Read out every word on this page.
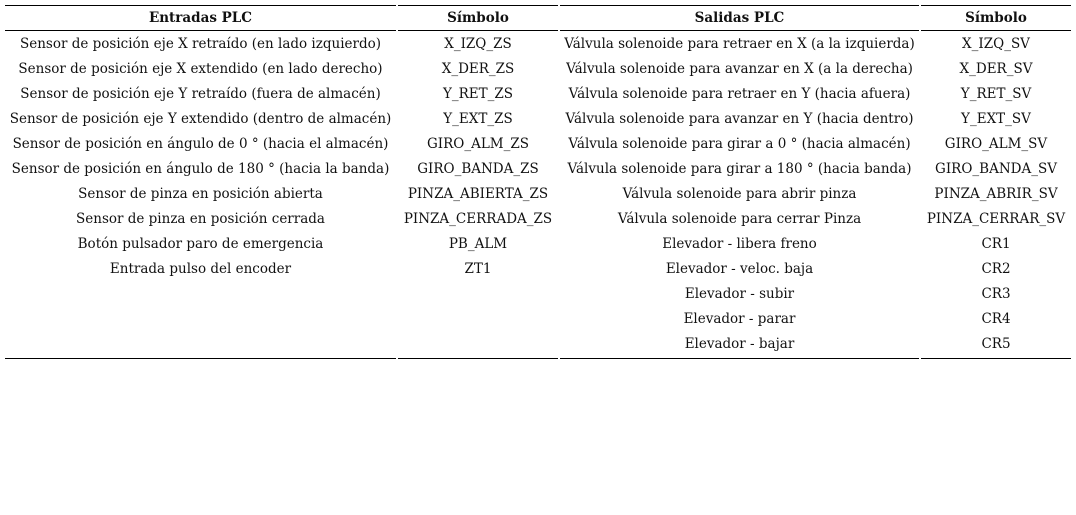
Entradas PLC
Sensor de posición eje X retraído (en lado izquierdo)
Sensor de posición eje X extendido (en lado derecho)
Sensor de posición eje Y retraído (fuera de almacén)
Sensor de posición eje Y extendido (dentro de almacén)
Sensor de posición en ángulo de 0 ° (hacia el almacén)
Sensor de posición en ángulo de 180 ° (hacia la banda)
Sensor de pinza en posición abierta
Sensor de pinza en posición cerrada
Botón pulsador paro de emergencia
Entrada pulso del encoder
Símbolo
X_IZQ_ZS
X_DER_ZS
Y_RET_ZS
Y_EXT_ZS
GIRO_ALM_ZS
GIRO_BANDA_ZS
PINZA_ABIERTA_ZS
PINZA_CERRADA_ZS
PB_ALM
ZT1
Salidas PLC
Válvula solenoide para retraer en X (a la izquierda)
Válvula solenoide para avanzar en X (a la derecha)
Válvula solenoide para retraer en Y (hacia afuera)
Válvula solenoide para avanzar en Y (hacia dentro)
Válvula solenoide para girar a 0 ° (hacia almacén)
Válvula solenoide para girar a 180 ° (hacia banda)
Válvula solenoide para abrir pinza
Válvula solenoide para cerrar Pinza
Elevador - libera freno
Elevador - veloc. baja
Elevador - subir
Elevador - parar
Elevador - bajar
Símbolo
X_IZQ_SV
X_DER_SV
Y_RET_SV
Y_EXT_SV
GIRO_ALM_SV
GIRO_BANDA_SV
PINZA_ABRIR_SV
PINZA_CERRAR_SV
CR1
CR2
CR3
CR4
CR5
